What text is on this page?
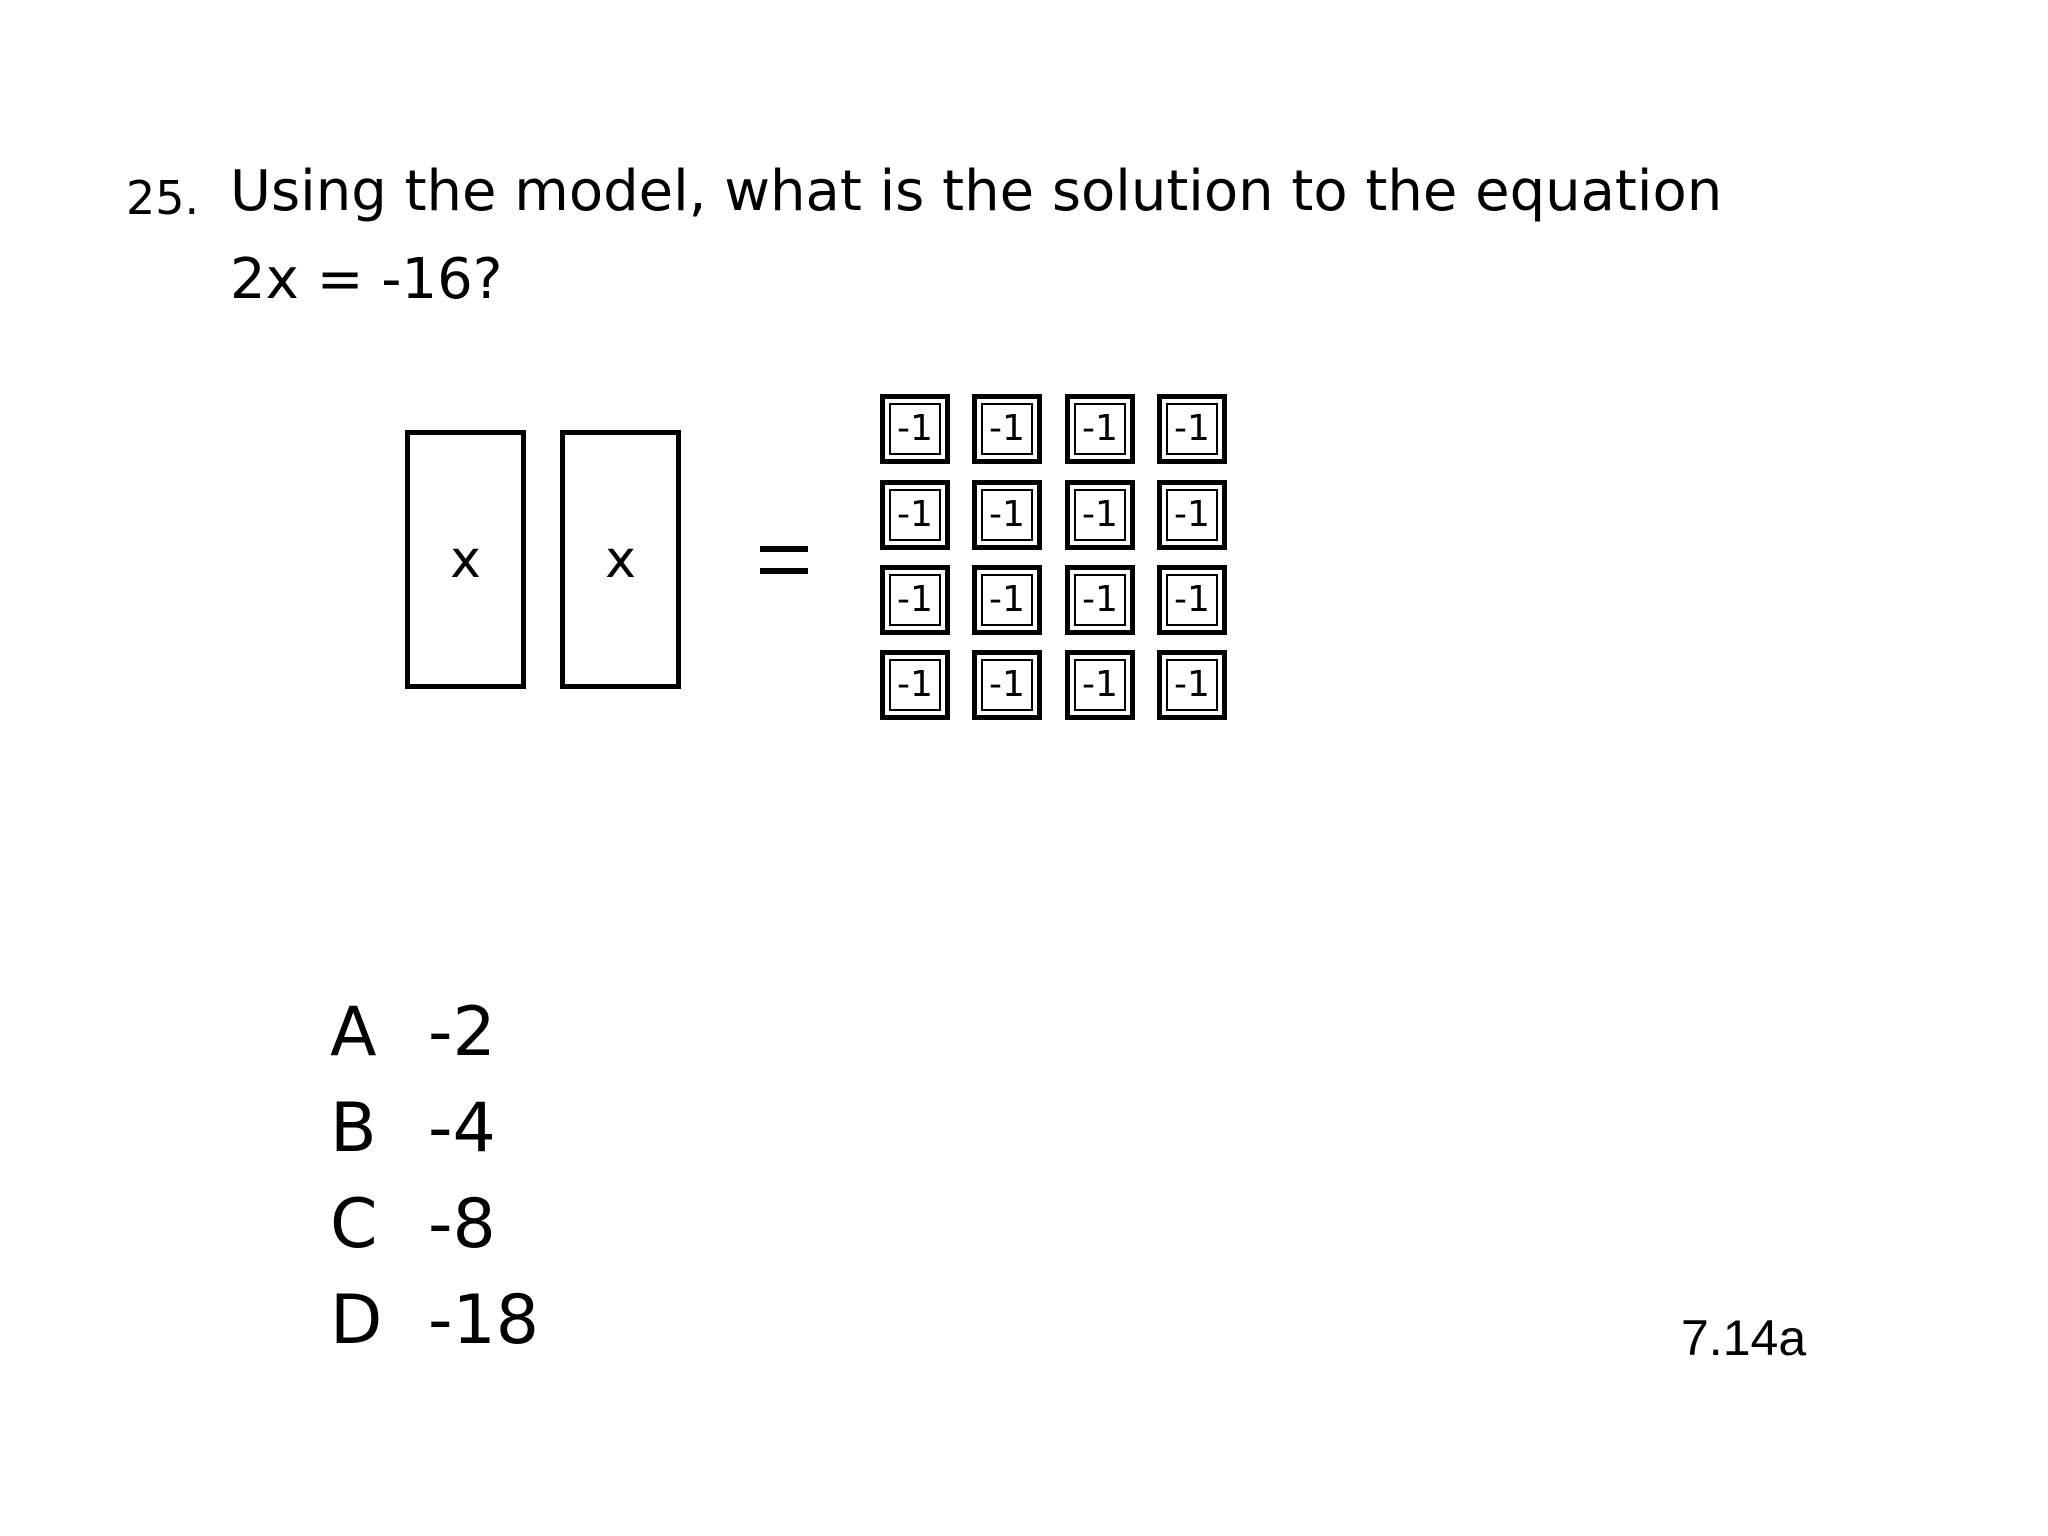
25. Using the model, what is the solution to the equation
2x = -16?
x x
-1 -1 -1 -1
-1 -1 -1 -1
-1 -1 -1 -1
-1 -1 -1 -1
A -2
B -4
C -8
D -18	7.14a
